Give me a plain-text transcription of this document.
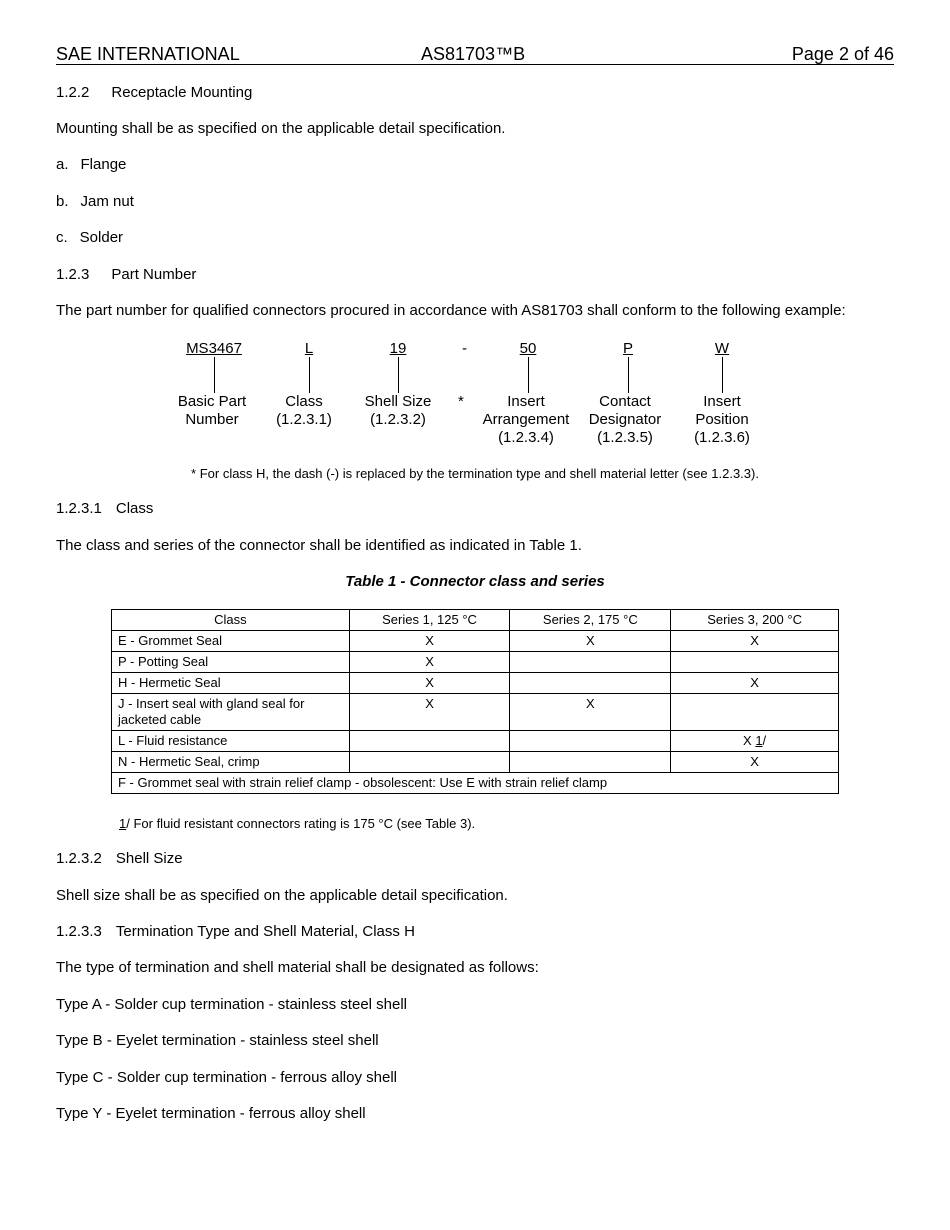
SAE INTERNATIONAL	AS81703™B	Page 2 of 46
1.2.2 Receptacle Mounting
Mounting shall be as specified on the applicable detail specification.
a. Flange
b. Jam nut
c. Solder
1.2.3 Part Number
The part number for qualified connectors procured in accordance with AS81703 shall conform to the following example:
MS3467	L	19	-	50	P	W
Basic Part Number
Class (1.2.3.1)
Shell Size (1.2.3.2)
*	Insert Arrangement (1.2.3.4)
Contact Designator (1.2.3.5)
Insert Position (1.2.3.6)
* For class H, the dash (-) is replaced by the termination type and shell material letter (see 1.2.3.3).
1.2.3.1 Class
The class and series of the connector shall be identified as indicated in Table 1.
Table 1 - Connector class and series
Class	Series 1, 125 °C	Series 2, 175 °C	Series 3, 200 °C
E - Grommet Seal	X	X	X
P - Potting Seal	X		
H - Hermetic Seal	X		X
J - Insert seal with gland seal for jacketed cable	X	X	
L - Fluid resistance			X 1/
N - Hermetic Seal, crimp			X
F - Grommet seal with strain relief clamp - obsolescent: Use E with strain relief clamp			
1/ For fluid resistant connectors rating is 175 °C (see Table 3).
1.2.3.2 Shell Size
Shell size shall be as specified on the applicable detail specification.
1.2.3.3 Termination Type and Shell Material, Class H
The type of termination and shell material shall be designated as follows:
Type A - Solder cup termination - stainless steel shell
Type B - Eyelet termination - stainless steel shell
Type C - Solder cup termination - ferrous alloy shell
Type Y - Eyelet termination - ferrous alloy shell
